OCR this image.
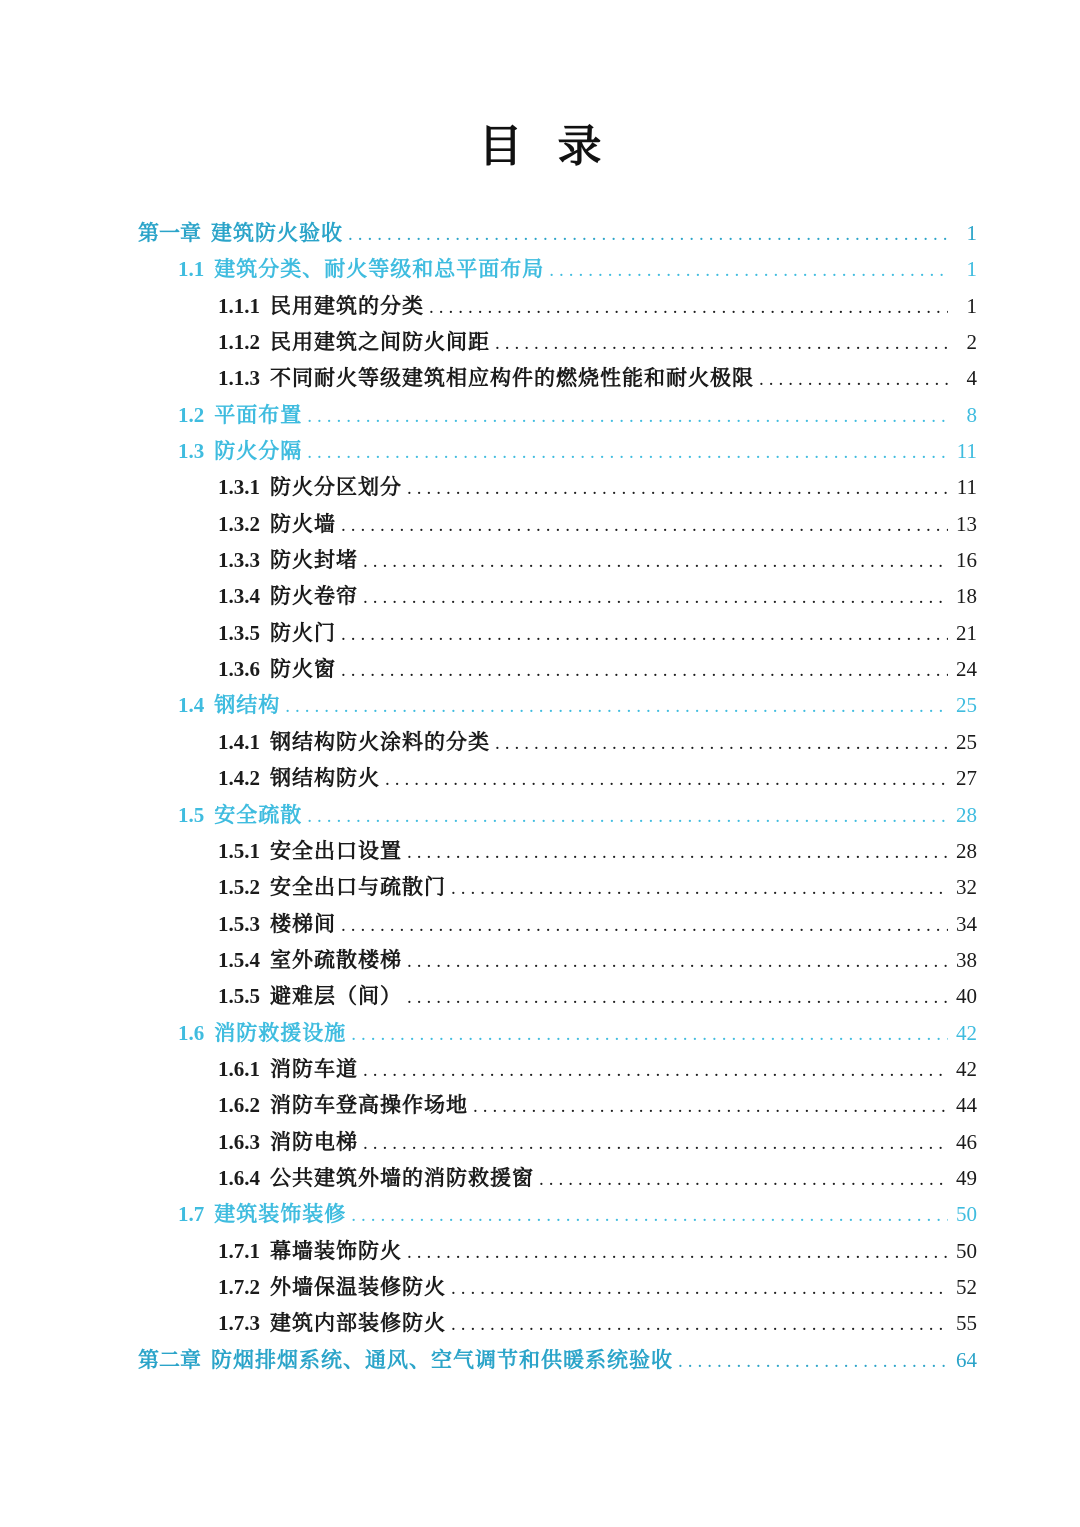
目 录
第一章 建筑防火验收 .....	1
1.1 建筑分类、耐火等级和总平面布局 .....	1
1.1.1 民用建筑的分类 .....	1
1.1.2 民用建筑之间防火间距 .....	2
1.1.3 不同耐火等级建筑相应构件的燃烧性能和耐火极限 .....	4
1.2 平面布置 .....	8
1.3 防火分隔 .....	11
1.3.1 防火分区划分 .....	11
1.3.2 防火墙 .....	13
1.3.3 防火封堵 .....	16
1.3.4 防火卷帘 .....	18
1.3.5 防火门 .....	21
1.3.6 防火窗 .....	24
1.4 钢结构 .....	25
1.4.1 钢结构防火涂料的分类 .....	25
1.4.2 钢结构防火 .....	27
1.5 安全疏散 .....	28
1.5.1 安全出口设置 .....	28
1.5.2 安全出口与疏散门 .....	32
1.5.3 楼梯间 .....	34
1.5.4 室外疏散楼梯 .....	38
1.5.5 避难层（间） .....	40
1.6 消防救援设施 .....	42
1.6.1 消防车道 .....	42
1.6.2 消防车登高操作场地 .....	44
1.6.3 消防电梯 .....	46
1.6.4 公共建筑外墙的消防救援窗 .....	49
1.7 建筑装饰装修 .....	50
1.7.1 幕墙装饰防火 .....	50
1.7.2 外墙保温装修防火 .....	52
1.7.3 建筑内部装修防火 .....	55
第二章 防烟排烟系统、通风、空气调节和供暖系统验收 .....	64
